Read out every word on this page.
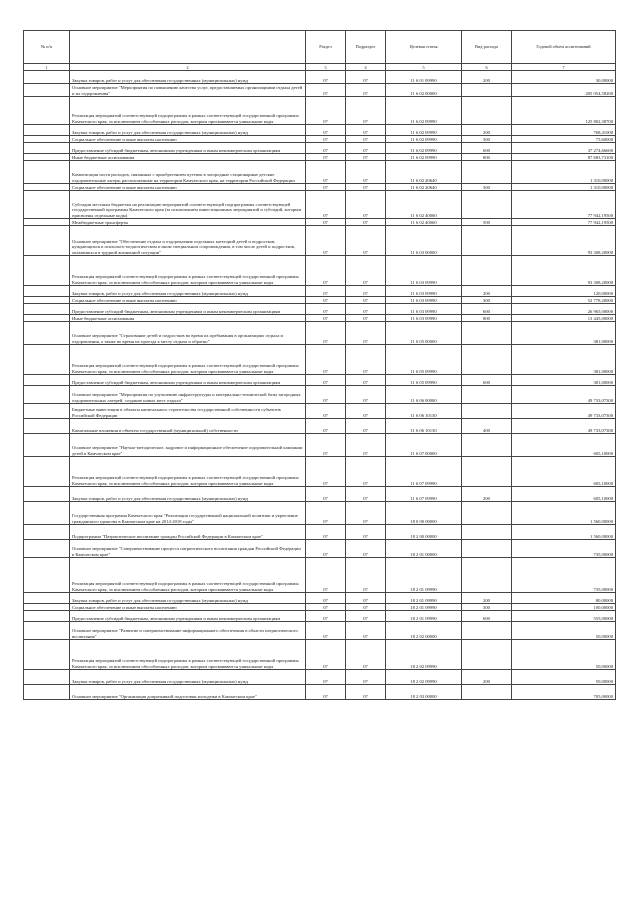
№ п/п		Раздел	Подраздел	Целевая статья	Вид расхода	Годовой объем ассигнований
1	2	3	4	5	6	7
	Закупка товаров, работ и услуг для обеспечения государственных (муниципальных) нужд	07	07	11 6 01 09990	200	30,00000
	Основное мероприятие "Мероприятия по повышению качества услуг, предоставляемых организациями отдыха детей и их оздоровления"	07	07	11 6 02 00000		205 054,58200
	Реализация мероприятий соответствующей подпрограммы в рамках соответствующей государственной программы Камчатского края, за исключением обособленных расходов, которым присваиваются уникальные коды	07	07	11 6 02 09990		125 802,38700
	Закупка товаров, работ и услуг для обеспечения государственных (муниципальных) нужд	07	07	11 6 02 09990	200	768,41000
	Социальное обеспечение и иные выплаты населению	07	07	11 6 02 09990	300	75,60000
	Предоставление субсидий бюджетным, автономным учреждениям и иным некоммерческим организациям	07	07	11 6 02 09990	600	37 274,66600
	Иные бюджетные ассигнования	07	07	11 6 02 09990	800	87 683,73100
	Компенсация части расходов, связанных с приобретением путевок в загородные стационарные детские оздоровительные лагеря, расположенные на территории Камчатского края, на территории Российской Федерации	07	07	11 6 02 20640		1 310,00000
	Социальное обеспечение и иные выплаты населению	07	07	11 6 02 20640	300	1 310,00000
	Субсидии местным бюджетам на реализацию мероприятий соответствующей подпрограммы соответствующей государственной программы Камчатского края (за исключением инвестиционных мероприятий и субсидий, которым присвоены отдельные коды)	07	07	11 6 02 40060		77 942,19500
	Межбюджетные трансферты	07	07	11 6 02 40060	500	77 942,19500
	Основное мероприятие "Обеспечение отдыха и оздоровления отдельных категорий детей и подростков, нуждающихся в психолого-педагогическом и ином специальном сопровождении, в том числе детей и подростков, оказавшихся в трудной жизненной ситуации"	07	07	11 6 03 00000		93 308,20000
	Реализация мероприятий соответствующей подпрограммы в рамках соответствующей государственной программы Камчатского края, за исключением обособленных расходов, которым присваиваются уникальные коды	07	07	11 6 03 09990		93 308,20000
	Закупка товаров, работ и услуг для обеспечения государственных (муниципальных) нужд	07	07	11 6 03 09990	200	120,00000
	Социальное обеспечение и иные выплаты населению	07	07	11 6 03 09990	300	52 778,20000
	Предоставление субсидий бюджетным, автономным учреждениям и иным некоммерческим организациям	07	07	11 6 03 09990	600	26 965,00000
	Иные бюджетные ассигнования	07	07	11 6 03 09990	800	13 445,00000
	Основное мероприятие "Страхование детей и подростков во время их пребывания в организациях отдыха и оздоровления, а также во время их проезда к месту отдыха и обратно"	07	07	11 6 05 00000		381,00000
	Реализация мероприятий соответствующей подпрограммы в рамках соответствующей государственной программы Камчатского края, за исключением обособленных расходов, которым присваиваются уникальные коды	07	07	11 6 05 09990		381,00000
	Предоставление субсидий бюджетным, автономным учреждениям и иным некоммерческим организациям	07	07	11 6 05 09990	600	381,00000
	Основное мероприятие "Мероприятия по улучшению инфраструктуры и материально-технической базы загородных оздоровительных лагерей, создание новых мест отдыха"	07	07	11 6 06 00000		49 733,07300
	Бюджетные инвестиции в объекты капитального строительства государственной собственности субъектов Российской Федерации	07	07	11 6 06 10130		49 733,07300
	Капитальные вложения в объекты государственной (муниципальной) собственности	07	07	11 6 06 10130	400	49 733,07300
	Основное мероприятие "Научно-методическое, кадровое и информационное обеспечение оздоровительной кампании детей в Камчатском крае"	07	07	11 6 07 00000		605,10000
	Реализация мероприятий соответствующей подпрограммы в рамках соответствующей государственной программы Камчатского края, за исключением обособленных расходов, которым присваиваются уникальные коды	07	07	11 6 07 09990		605,10000
	Закупка товаров, работ и услуг для обеспечения государственных (муниципальных) нужд	07	07	11 6 07 09990	200	605,10000
	Государственная программа Камчатского края "Реализация государственной национальной политики и укрепление гражданского единства в Камчатском крае на 2014-2018 годы"	07	07	18 0 00 00000		1 560,00000
	Подпрограмма "Патриотическое воспитание граждан Российской Федерации в Камчатском крае"	07	07	18 2 00 00000		1 560,00000
	Основное мероприятие "Совершенствование процесса патриотического воспитания граждан Российской Федерации в Камчатском крае"	07	07	18 2 01 00000		735,00000
	Реализация мероприятий соответствующей подпрограммы в рамках соответствующей государственной программы Камчатского края, за исключением обособленных расходов, которым присваиваются уникальные коды	07	07	18 2 01 09990		735,00000
	Закупка товаров, работ и услуг для обеспечения государственных (муниципальных) нужд	07	07	18 2 01 09990	200	80,00000
	Социальное обеспечение и иные выплаты населению	07	07	18 2 01 09990	300	100,00000
	Предоставление субсидий бюджетным, автономным учреждениям и иным некоммерческим организациям	07	07	18 2 01 09990	600	555,00000
	Основное мероприятие "Развитие и совершенствование информационного обеспечения в области патриотического воспитания"	07	07	18 2 02 00000		50,00000
	Реализация мероприятий соответствующей подпрограммы в рамках соответствующей государственной программы Камчатского края, за исключением обособленных расходов, которым присваиваются уникальные коды	07	07	18 2 02 09990		50,00000
	Закупка товаров, работ и услуг для обеспечения государственных (муниципальных) нужд	07	07	18 2 02 09990	200	50,00000
	Основное мероприятие "Организация допризывной подготовки молодежи в Камчатском крае"	07	07	18 2 03 00000		705,00000
